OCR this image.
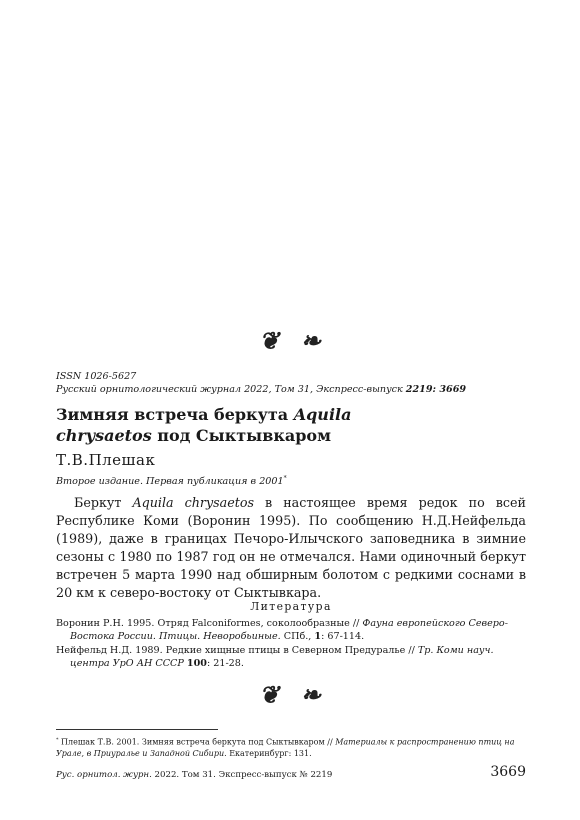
❦ ❧
ISSN 1026-5627
Русский орнитологический журнал 2022, Том 31, Экспресс-выпуск 2219: 3669
Зимняя встреча беркута Aquila
chrysaetos под Сыктывкаром
Т.В.Плешак
Второе издание. Первая публикация в 2001*

Беркут Aquila chrysaetos в настоящее время редок по всей Республике Коми (Воронин 1995). По сообщению Н.Д.Нейфельда (1989), даже в границах Печоро-Илычского заповедника в зимние сезоны с 1980 по 1987 год он не отмечался. Нами одиночный беркут встречен 5 марта 1990 над обширным болотом с редкими соснами в 20 км к северо-востоку от Сыктывкара.

Литература
Воронин Р.Н. 1995. Отряд Falconiformes, соколообразные // Фауна европейского Северо-Востока России. Птицы. Неворобьиные. СПб., 1: 67-114.
Нейфельд Н.Д. 1989. Редкие хищные птицы в Северном Предуралье // Тр. Коми науч. центра УрО АН СССР 100: 21-28.
❦ ❧
* Плешак Т.В. 2001. Зимняя встреча беркута под Сыктывкаром // Материалы к распространению птиц на Урале, в Приуралье и Западной Сибири. Екатеринбург: 131.
Рус. орнитол. журн. 2022. Том 31. Экспресс-выпуск № 2219	3669
